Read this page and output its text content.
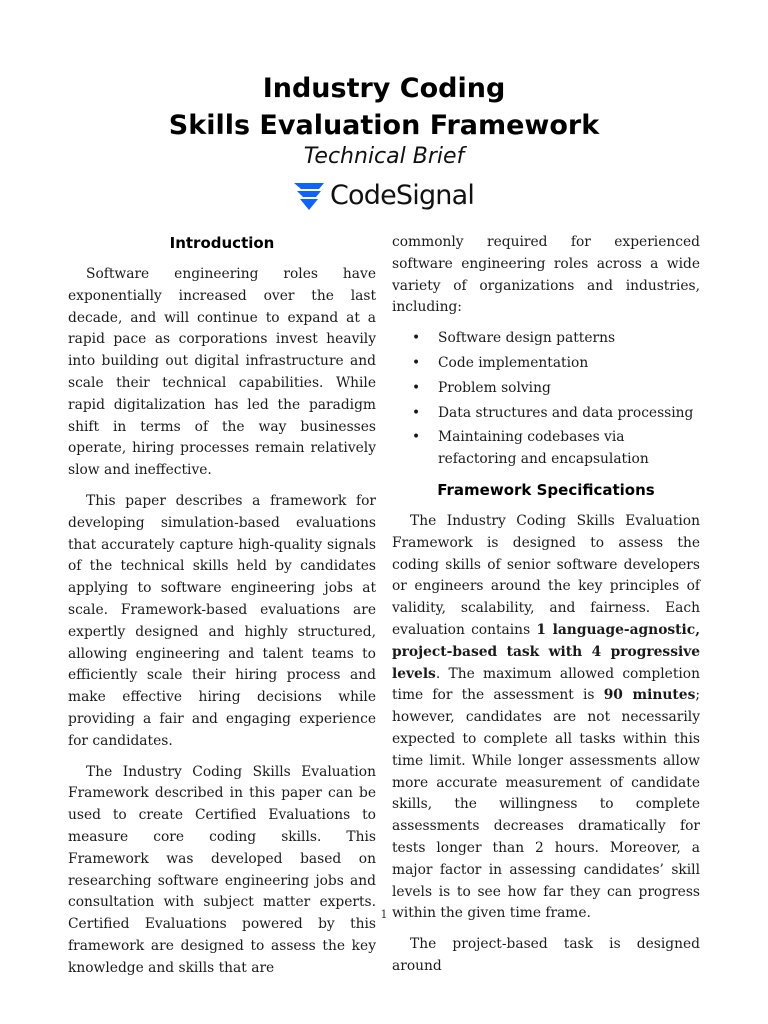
Industry Coding
Skills Evaluation Framework
Technical Brief
CodeSignal
Introduction

Software engineering roles have exponentially increased over the last decade, and will continue to expand at a rapid pace as corporations invest heavily into building out digital infrastructure and scale their technical capabilities. While rapid digitalization has led the paradigm shift in terms of the way businesses operate, hiring processes remain relatively slow and ineffective.

This paper describes a framework for developing simulation-based evaluations that accurately capture high-quality signals of the technical skills held by candidates applying to software engineering jobs at scale. Framework-based evaluations are expertly designed and highly structured, allowing engineering and talent teams to efficiently scale their hiring process and make effective hiring decisions while providing a fair and engaging experience for candidates.

The Industry Coding Skills Evaluation Framework described in this paper can be used to create Certified Evaluations to measure core coding skills. This Framework was developed based on researching software engineering jobs and consultation with subject matter experts. Certified Evaluations powered by this framework are designed to assess the key knowledge and skills that are

commonly required for experienced software engineering roles across a wide variety of organizations and industries, including:

• Software design patterns
• Code implementation
• Problem solving
• Data structures and data processing
• Maintaining codebases via refactoring and encapsulation
Framework Specifications

The Industry Coding Skills Evaluation Framework is designed to assess the coding skills of senior software developers or engineers around the key principles of validity, scalability, and fairness. Each evaluation contains 1 language-agnostic, project-based task with 4 progressive levels. The maximum allowed completion time for the assessment is 90 minutes; however, candidates are not necessarily expected to complete all tasks within this time limit. While longer assessments allow more accurate measurement of candidate skills, the willingness to complete assessments decreases dramatically for tests longer than 2 hours. Moreover, a major factor in assessing candidates’ skill levels is to see how far they can progress within the given time frame.

The project-based task is designed around

1
